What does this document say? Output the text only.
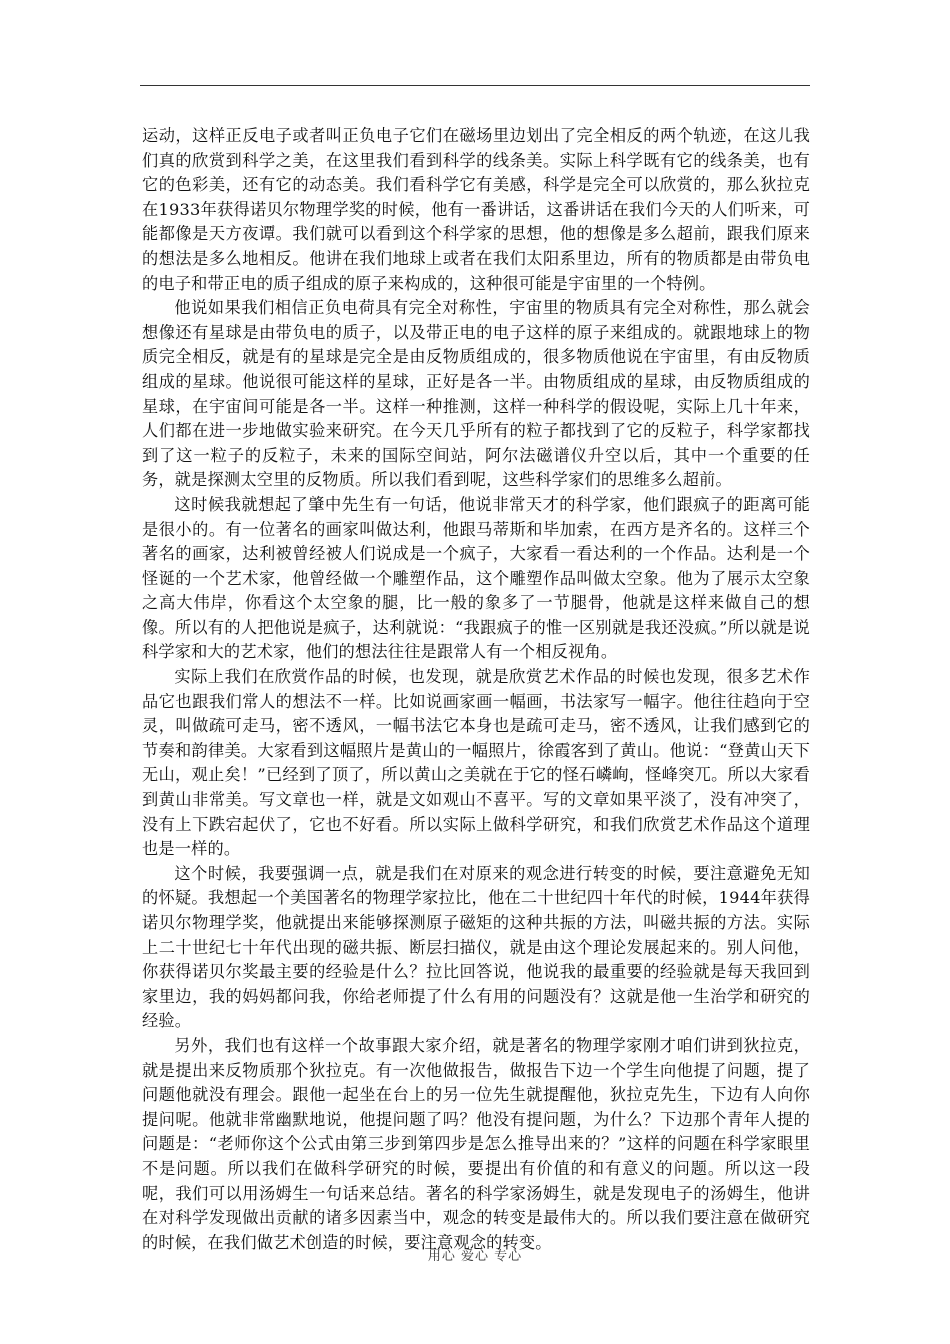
运动，这样正反电子或者叫正负电子它们在磁场里边划出了完全相反的两个轨迹，在这儿我们真的欣赏到科学之美，在这里我们看到科学的线条美。实际上科学既有它的线条美，也有它的色彩美，还有它的动态美。我们看科学它有美感，科学是完全可以欣赏的，那么狄拉克在1933年获得诺贝尔物理学奖的时候，他有一番讲话，这番讲话在我们今天的人们听来，可能都像是天方夜谭。我们就可以看到这个科学家的思想，他的想像是多么超前，跟我们原来的想法是多么地相反。他讲在我们地球上或者在我们太阳系里边，所有的物质都是由带负电的电子和带正电的质子组成的原子来构成的，这种很可能是宇宙里的一个特例。

他说如果我们相信正负电荷具有完全对称性，宇宙里的物质具有完全对称性，那么就会想像还有星球是由带负电的质子，以及带正电的电子这样的原子来组成的。就跟地球上的物质完全相反，就是有的星球是完全是由反物质组成的，很多物质他说在宇宙里，有由反物质组成的星球。他说很可能这样的星球，正好是各一半。由物质组成的星球，由反物质组成的星球，在宇宙间可能是各一半。这样一种推测，这样一种科学的假设呢，实际上几十年来，人们都在进一步地做实验来研究。在今天几乎所有的粒子都找到了它的反粒子，科学家都找到了这一粒子的反粒子，未来的国际空间站，阿尔法磁谱仪升空以后，其中一个重要的任务，就是探测太空里的反物质。所以我们看到呢，这些科学家们的思维多么超前。

这时候我就想起了肇中先生有一句话，他说非常天才的科学家，他们跟疯子的距离可能是很小的。有一位著名的画家叫做达利，他跟马蒂斯和毕加索，在西方是齐名的。这样三个著名的画家，达利被曾经被人们说成是一个疯子，大家看一看达利的一个作品。达利是一个怪诞的一个艺术家，他曾经做一个雕塑作品，这个雕塑作品叫做太空象。他为了展示太空象之高大伟岸，你看这个太空象的腿，比一般的象多了一节腿骨，他就是这样来做自己的想像。所以有的人把他说是疯子，达利就说：“我跟疯子的惟一区别就是我还没疯。”所以就是说科学家和大的艺术家，他们的想法往往是跟常人有一个相反视角。

实际上我们在欣赏作品的时候，也发现，就是欣赏艺术作品的时候也发现，很多艺术作品它也跟我们常人的想法不一样。比如说画家画一幅画，书法家写一幅字。他往往趋向于空灵，叫做疏可走马，密不透风，一幅书法它本身也是疏可走马，密不透风，让我们感到它的节奏和韵律美。大家看到这幅照片是黄山的一幅照片，徐霞客到了黄山。他说：“登黄山天下无山，观止矣！”已经到了顶了，所以黄山之美就在于它的怪石嶙峋，怪峰突兀。所以大家看到黄山非常美。写文章也一样，就是文如观山不喜平。写的文章如果平淡了，没有冲突了，没有上下跌宕起伏了，它也不好看。所以实际上做科学研究，和我们欣赏艺术作品这个道理也是一样的。

这个时候，我要强调一点，就是我们在对原来的观念进行转变的时候，要注意避免无知的怀疑。我想起一个美国著名的物理学家拉比，他在二十世纪四十年代的时候，1944年获得诺贝尔物理学奖，他就提出来能够探测原子磁矩的这种共振的方法，叫磁共振的方法。实际上二十世纪七十年代出现的磁共振、断层扫描仪，就是由这个理论发展起来的。别人问他，你获得诺贝尔奖最主要的经验是什么？拉比回答说，他说我的最重要的经验就是每天我回到家里边，我的妈妈都问我，你给老师提了什么有用的问题没有？这就是他一生治学和研究的经验。

另外，我们也有这样一个故事跟大家介绍，就是著名的物理学家刚才咱们讲到狄拉克，就是提出来反物质那个狄拉克。有一次他做报告，做报告下边一个学生向他提了问题，提了问题他就没有理会。跟他一起坐在台上的另一位先生就提醒他，狄拉克先生，下边有人向你提问呢。他就非常幽默地说，他提问题了吗？他没有提问题，为什么？下边那个青年人提的问题是：“老师你这个公式由第三步到第四步是怎么推导出来的？”这样的问题在科学家眼里不是问题。所以我们在做科学研究的时候，要提出有价值的和有意义的问题。所以这一段呢，我们可以用汤姆生一句话来总结。著名的科学家汤姆生，就是发现电子的汤姆生，他讲在对科学发现做出贡献的诸多因素当中，观念的转变是最伟大的。所以我们要注意在做研究的时候，在我们做艺术创造的时候，要注意观念的转变。

用心 爱心 专心
